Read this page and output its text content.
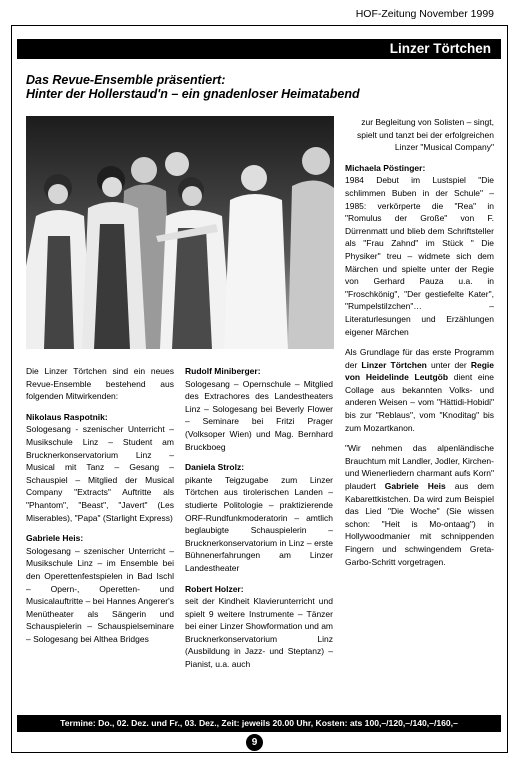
HOF-Zeitung November 1999
Linzer Törtchen
Das Revue-Ensemble präsentiert:
Hinter der Hollerstaud'n – ein gnadenloser Heimatabend

Die Linzer Törtchen sind ein neues Revue-Ensemble bestehend aus folgenden Mitwirkenden:

Nikolaus Raspotnik:
Sologesang - szenischer Unterricht – Musikschule Linz – Student am Brucknerkonservatorium Linz – Musical mit Tanz – Gesang – Schauspiel – Mitglied der Musical Company "Extracts" Auftritte als "Phantom", "Beast", "Javert" (Les Miserables), "Papa" (Starlight Express)

Gabriele Heis:
Sologesang – szenischer Unterricht – Musikschule Linz – im Ensemble bei den Operettenfestspielen in Bad Ischl – Opern-, Operetten- und Musicalauftritte – bei Hannes Angerer's Menütheater als Sängerin und Schauspielerin – Schauspielseminare – Sologesang bei Althea Bridges

Rudolf Miniberger:
Sologesang – Opernschule – Mitglied des Extrachores des Landestheaters Linz – Sologesang bei Beverly Flower – Seminare bei Fritzi Prager (Volksoper Wien) und Mag. Bernhard Bruckboeg

Daniela Strolz:
pikante Teigzugabe zum Linzer Törtchen aus tirolerischen Landen – studierte Politologie – praktizierende ORF-Rundfunkmoderatorin – amtlich beglaubigte Schauspielerin – Brucknerkonservatorium in Linz – erste Bühnenerfahrungen am Linzer Landestheater

Robert Holzer:
seit der Kindheit Klavierunterricht und spielt 9 weitere Instrumente – Tänzer bei einer Linzer Showformation und am Brucknerkonservatorium Linz (Ausbildung in Jazz- und Steptanz) – Pianist, u.a. auch

zur Begleitung von Solisten – singt, spielt und tanzt bei der erfolgreichen Linzer "Musical Company"

Michaela Pöstinger:
1984 Debut im Lustspiel "Die schlimmen Buben in der Schule" – 1985: verkörperte die "Rea" in "Romulus der Große" von F. Dürrenmatt und blieb dem Schriftsteller als "Frau Zahnd" im Stück " Die Physiker" treu – widmete sich dem Märchen und spielte unter der Regie von Gerhard Pauza u.a. in "Froschkönig", "Der gestiefelte Kater", "Rumpelstilzchen"… – Literaturlesungen und Erzählungen eigener Märchen

Als Grundlage für das erste Programm der Linzer Törtchen unter der Regie von Heidelinde Leutgöb dient eine Collage aus bekannten Volks- und anderen Weisen – vom "Hättidi-Hobidi" bis zur "Reblaus", vom "Knoditag" bis zum Mozartkanon.

"Wir nehmen das alpenländische Brauchtum mit Landler, Jodler, Kirchen- und Wienerliedern charmant aufs Korn" plaudert Gabriele Heis aus dem Kabarettkistchen. Da wird zum Beispiel das Lied "Die Woche" (Sie wissen schon: "Heit is Mo-ontaag") in Hollywoodmanier mit schnippenden Fingern und schwingendem Greta-Garbo-Schritt vorgetragen.

Termine: Do., 02. Dez. und Fr., 03. Dez., Zeit: jeweils 20.00 Uhr, Kosten: ats 100,–/120,–/140,–/160,–
9
